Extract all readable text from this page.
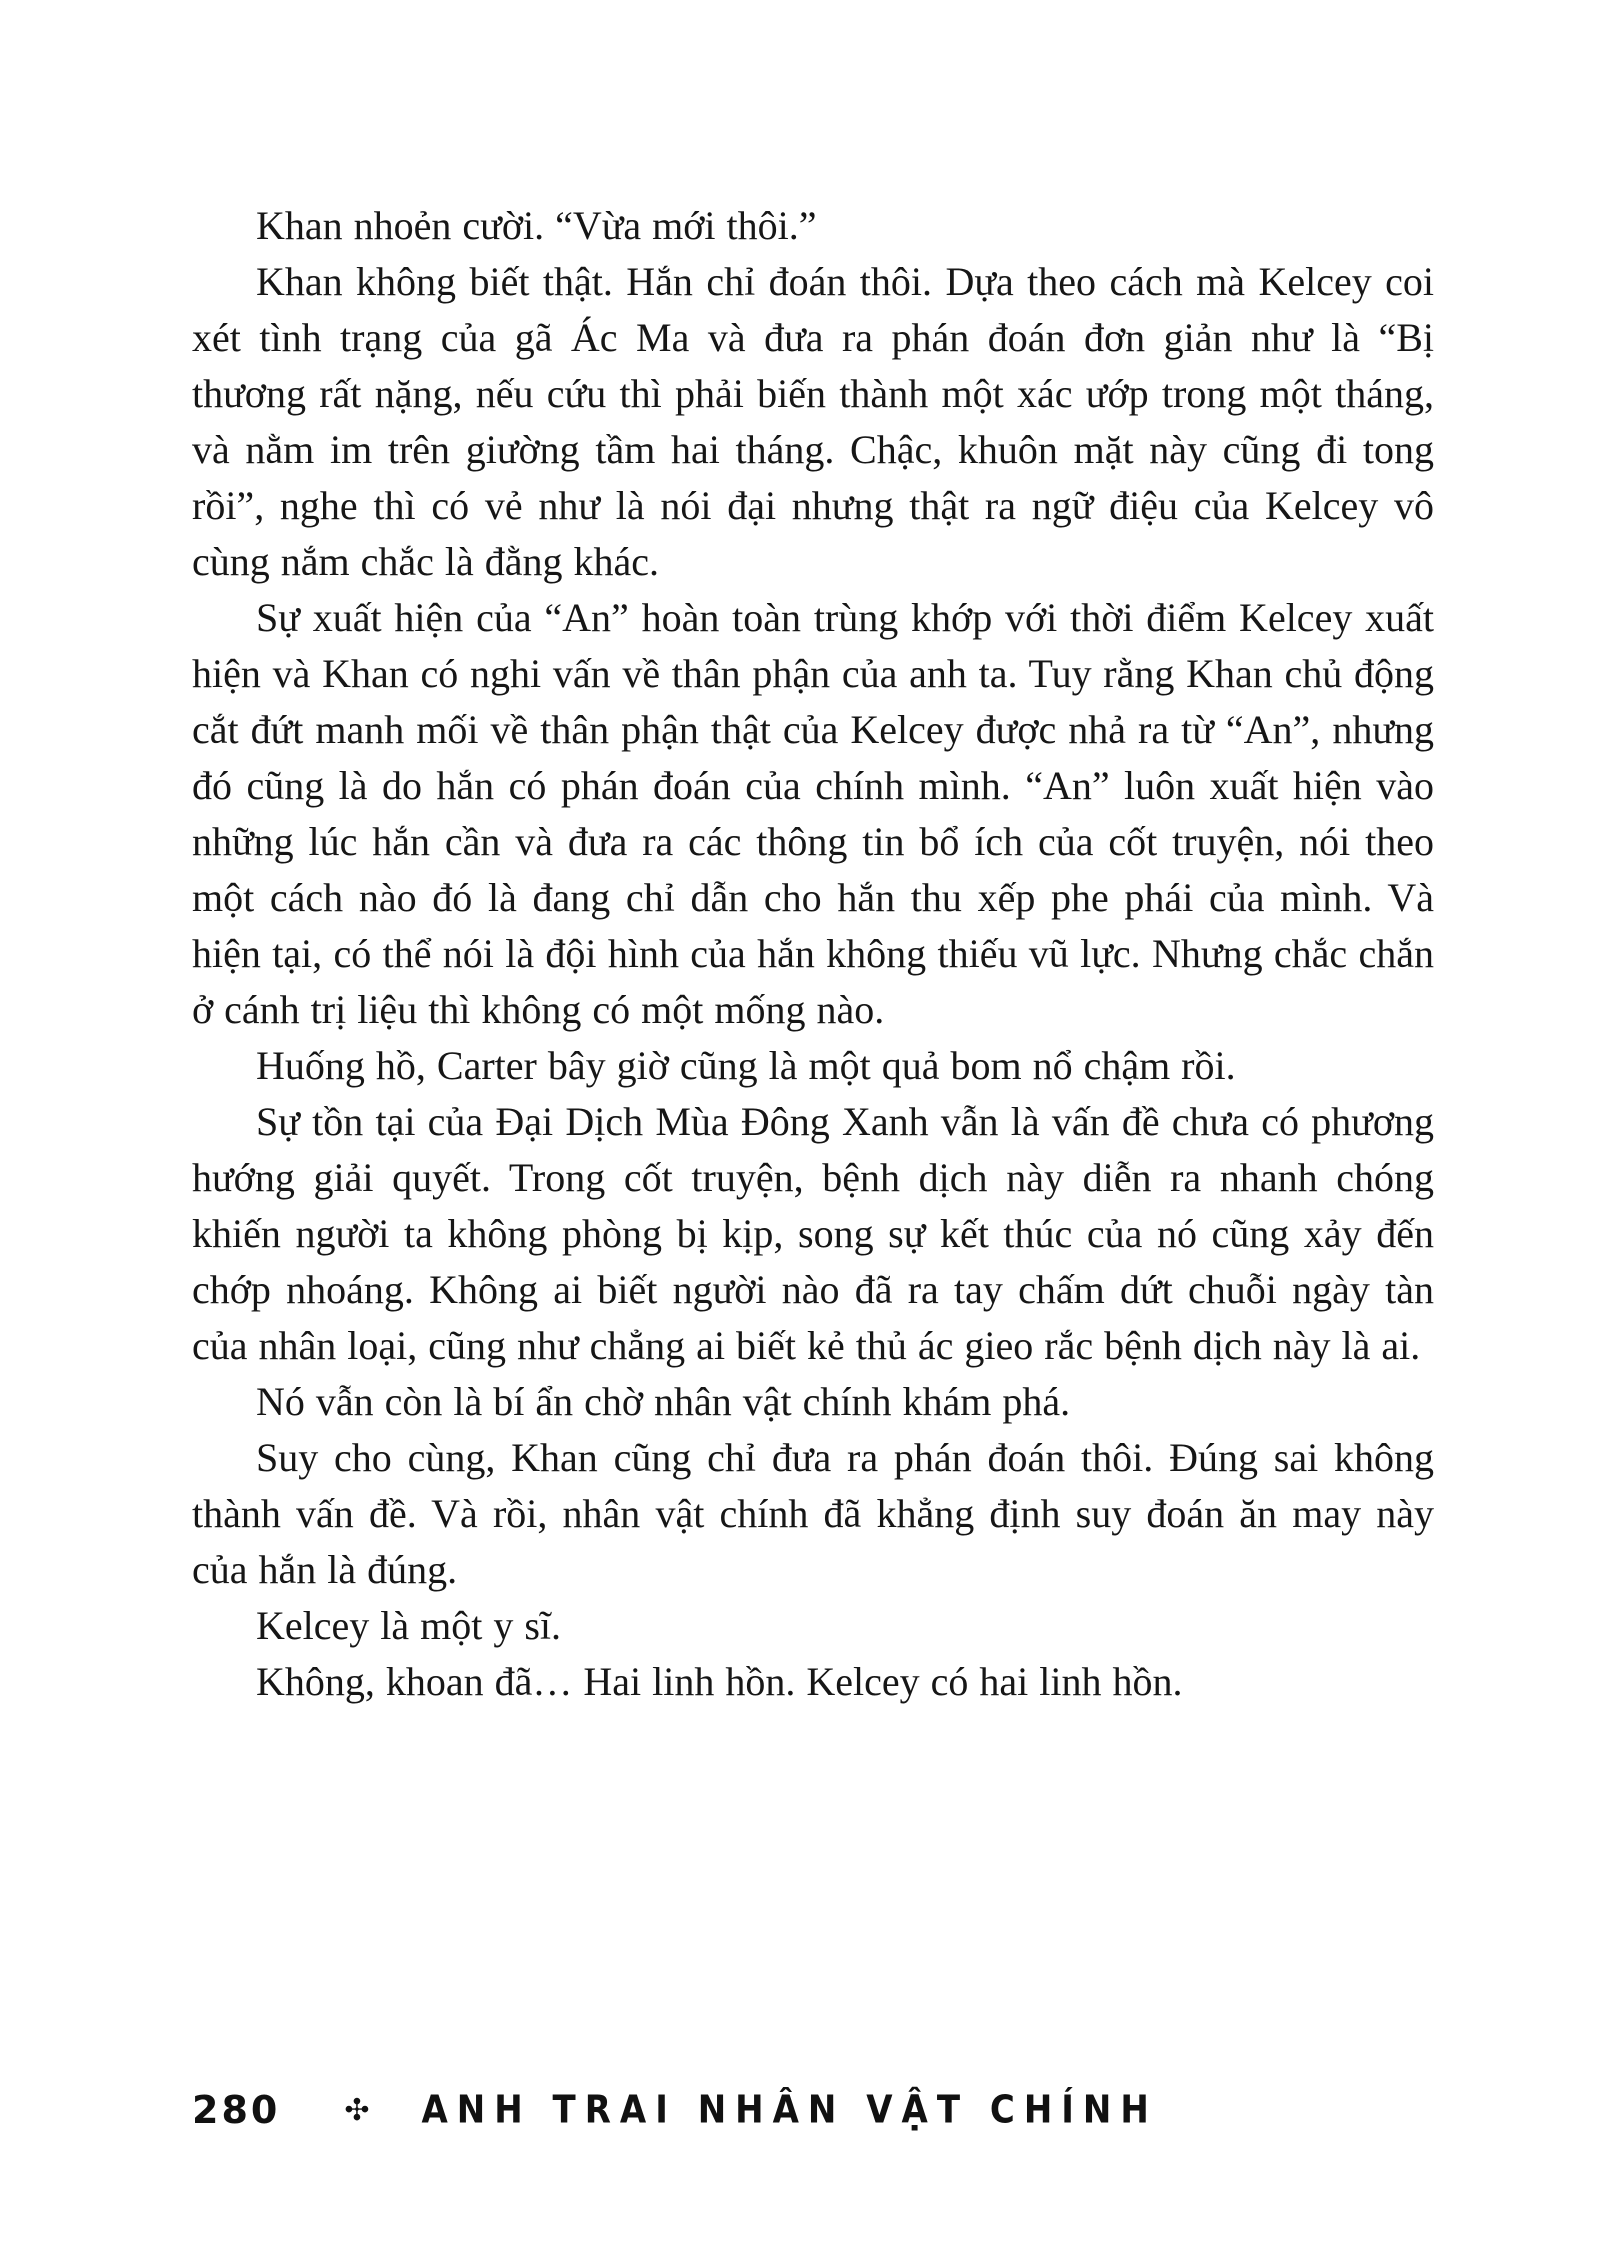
Khan nhoẻn cười. “Vừa mới thôi.”

Khan không biết thật. Hắn chỉ đoán thôi. Dựa theo cách mà Kelcey coi xét tình trạng của gã Ác Ma và đưa ra phán đoán đơn giản như là “Bị thương rất nặng, nếu cứu thì phải biến thành một xác ướp trong một tháng, và nằm im trên giường tầm hai tháng. Chậc, khuôn mặt này cũng đi tong rồi”, nghe thì có vẻ như là nói đại nhưng thật ra ngữ điệu của Kelcey vô cùng nắm chắc là đằng khác.

Sự xuất hiện của “An” hoàn toàn trùng khớp với thời điểm Kelcey xuất hiện và Khan có nghi vấn về thân phận của anh ta. Tuy rằng Khan chủ động cắt đứt manh mối về thân phận thật của Kelcey được nhả ra từ “An”, nhưng đó cũng là do hắn có phán đoán của chính mình. “An” luôn xuất hiện vào những lúc hắn cần và đưa ra các thông tin bổ ích của cốt truyện, nói theo một cách nào đó là đang chỉ dẫn cho hắn thu xếp phe phái của mình. Và hiện tại, có thể nói là đội hình của hắn không thiếu vũ lực. Nhưng chắc chắn ở cánh trị liệu thì không có một mống nào.

Huống hồ, Carter bây giờ cũng là một quả bom nổ chậm rồi.

Sự tồn tại của Đại Dịch Mùa Đông Xanh vẫn là vấn đề chưa có phương hướng giải quyết. Trong cốt truyện, bệnh dịch này diễn ra nhanh chóng khiến người ta không phòng bị kịp, song sự kết thúc của nó cũng xảy đến chớp nhoáng. Không ai biết người nào đã ra tay chấm dứt chuỗi ngày tàn của nhân loại, cũng như chẳng ai biết kẻ thủ ác gieo rắc bệnh dịch này là ai.

Nó vẫn còn là bí ẩn chờ nhân vật chính khám phá.

Suy cho cùng, Khan cũng chỉ đưa ra phán đoán thôi. Đúng sai không thành vấn đề. Và rồi, nhân vật chính đã khẳng định suy đoán ăn may này của hắn là đúng.

Kelcey là một y sĩ.

Không, khoan đã… Hai linh hồn. Kelcey có hai linh hồn.

280 ✣ ANH TRAI NHÂN VẬT CHÍNH
